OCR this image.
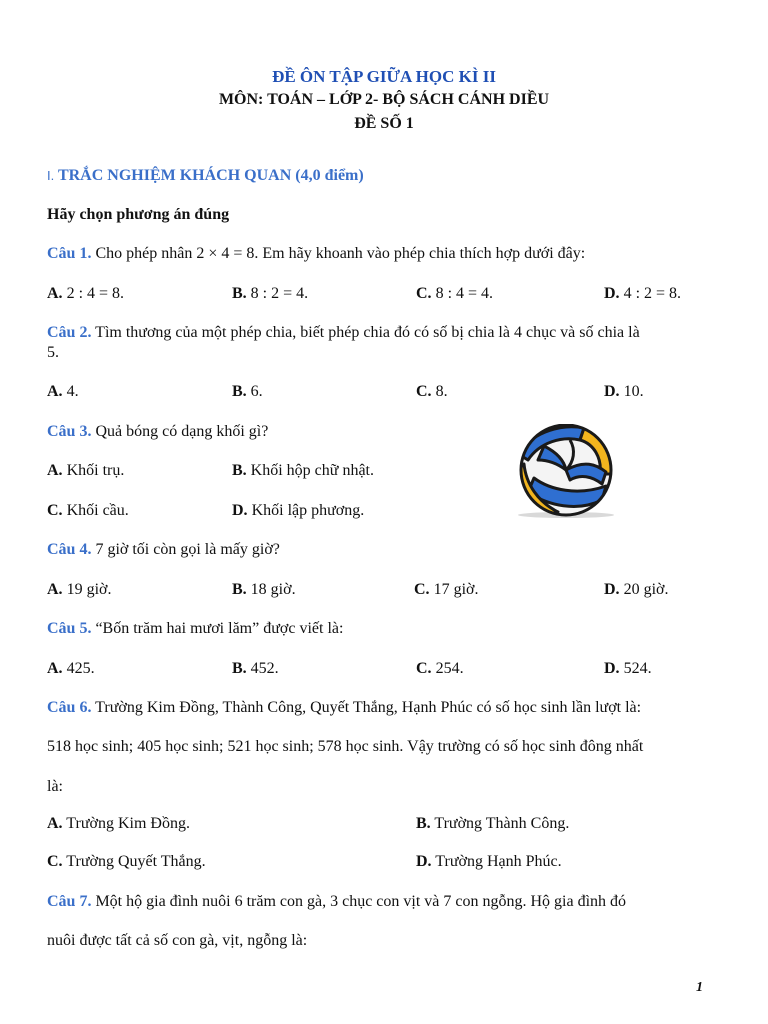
ĐỀ ÔN TẬP GIỮA HỌC KÌ II
MÔN: TOÁN – LỚP 2- BỘ SÁCH CÁNH DIỀU
ĐỀ SỐ 1
I. TRẮC NGHIỆM KHÁCH QUAN (4,0 điểm)
Hãy chọn phương án đúng
Câu 1. Cho phép nhân 2 × 4 = 8. Em hãy khoanh vào phép chia thích hợp dưới đây:
A. 2 : 4 = 8.	B. 8 : 2 = 4.	C. 8 : 4 = 4.	D. 4 : 2 = 8.
Câu 2. Tìm thương của một phép chia, biết phép chia đó có số bị chia là 4 chục và số chia là
5.
A. 4.	B. 6.	C. 8.	D. 10.
Câu 3. Quả bóng có dạng khối gì?
A. Khối trụ.	B. Khối hộp chữ nhật.
C. Khối cầu.	D. Khối lập phương.
Câu 4. 7 giờ tối còn gọi là mấy giờ?
A. 19 giờ.	B. 18 giờ.	C. 17 giờ.	D. 20 giờ.
Câu 5. “Bốn trăm hai mươi lăm” được viết là:
A. 425.	B. 452.	C. 254.	D. 524.
Câu 6. Trường Kim Đồng, Thành Công, Quyết Thắng, Hạnh Phúc có số học sinh lần lượt là:
518 học sinh; 405 học sinh; 521 học sinh; 578 học sinh. Vậy trường có số học sinh đông nhất
là:
A. Trường Kim Đồng.	B. Trường Thành Công.
C. Trường Quyết Thắng.	D. Trường Hạnh Phúc.
Câu 7. Một hộ gia đình nuôi 6 trăm con gà, 3 chục con vịt và 7 con ngỗng. Hộ gia đình đó
nuôi được tất cả số con gà, vịt, ngỗng là:
1
